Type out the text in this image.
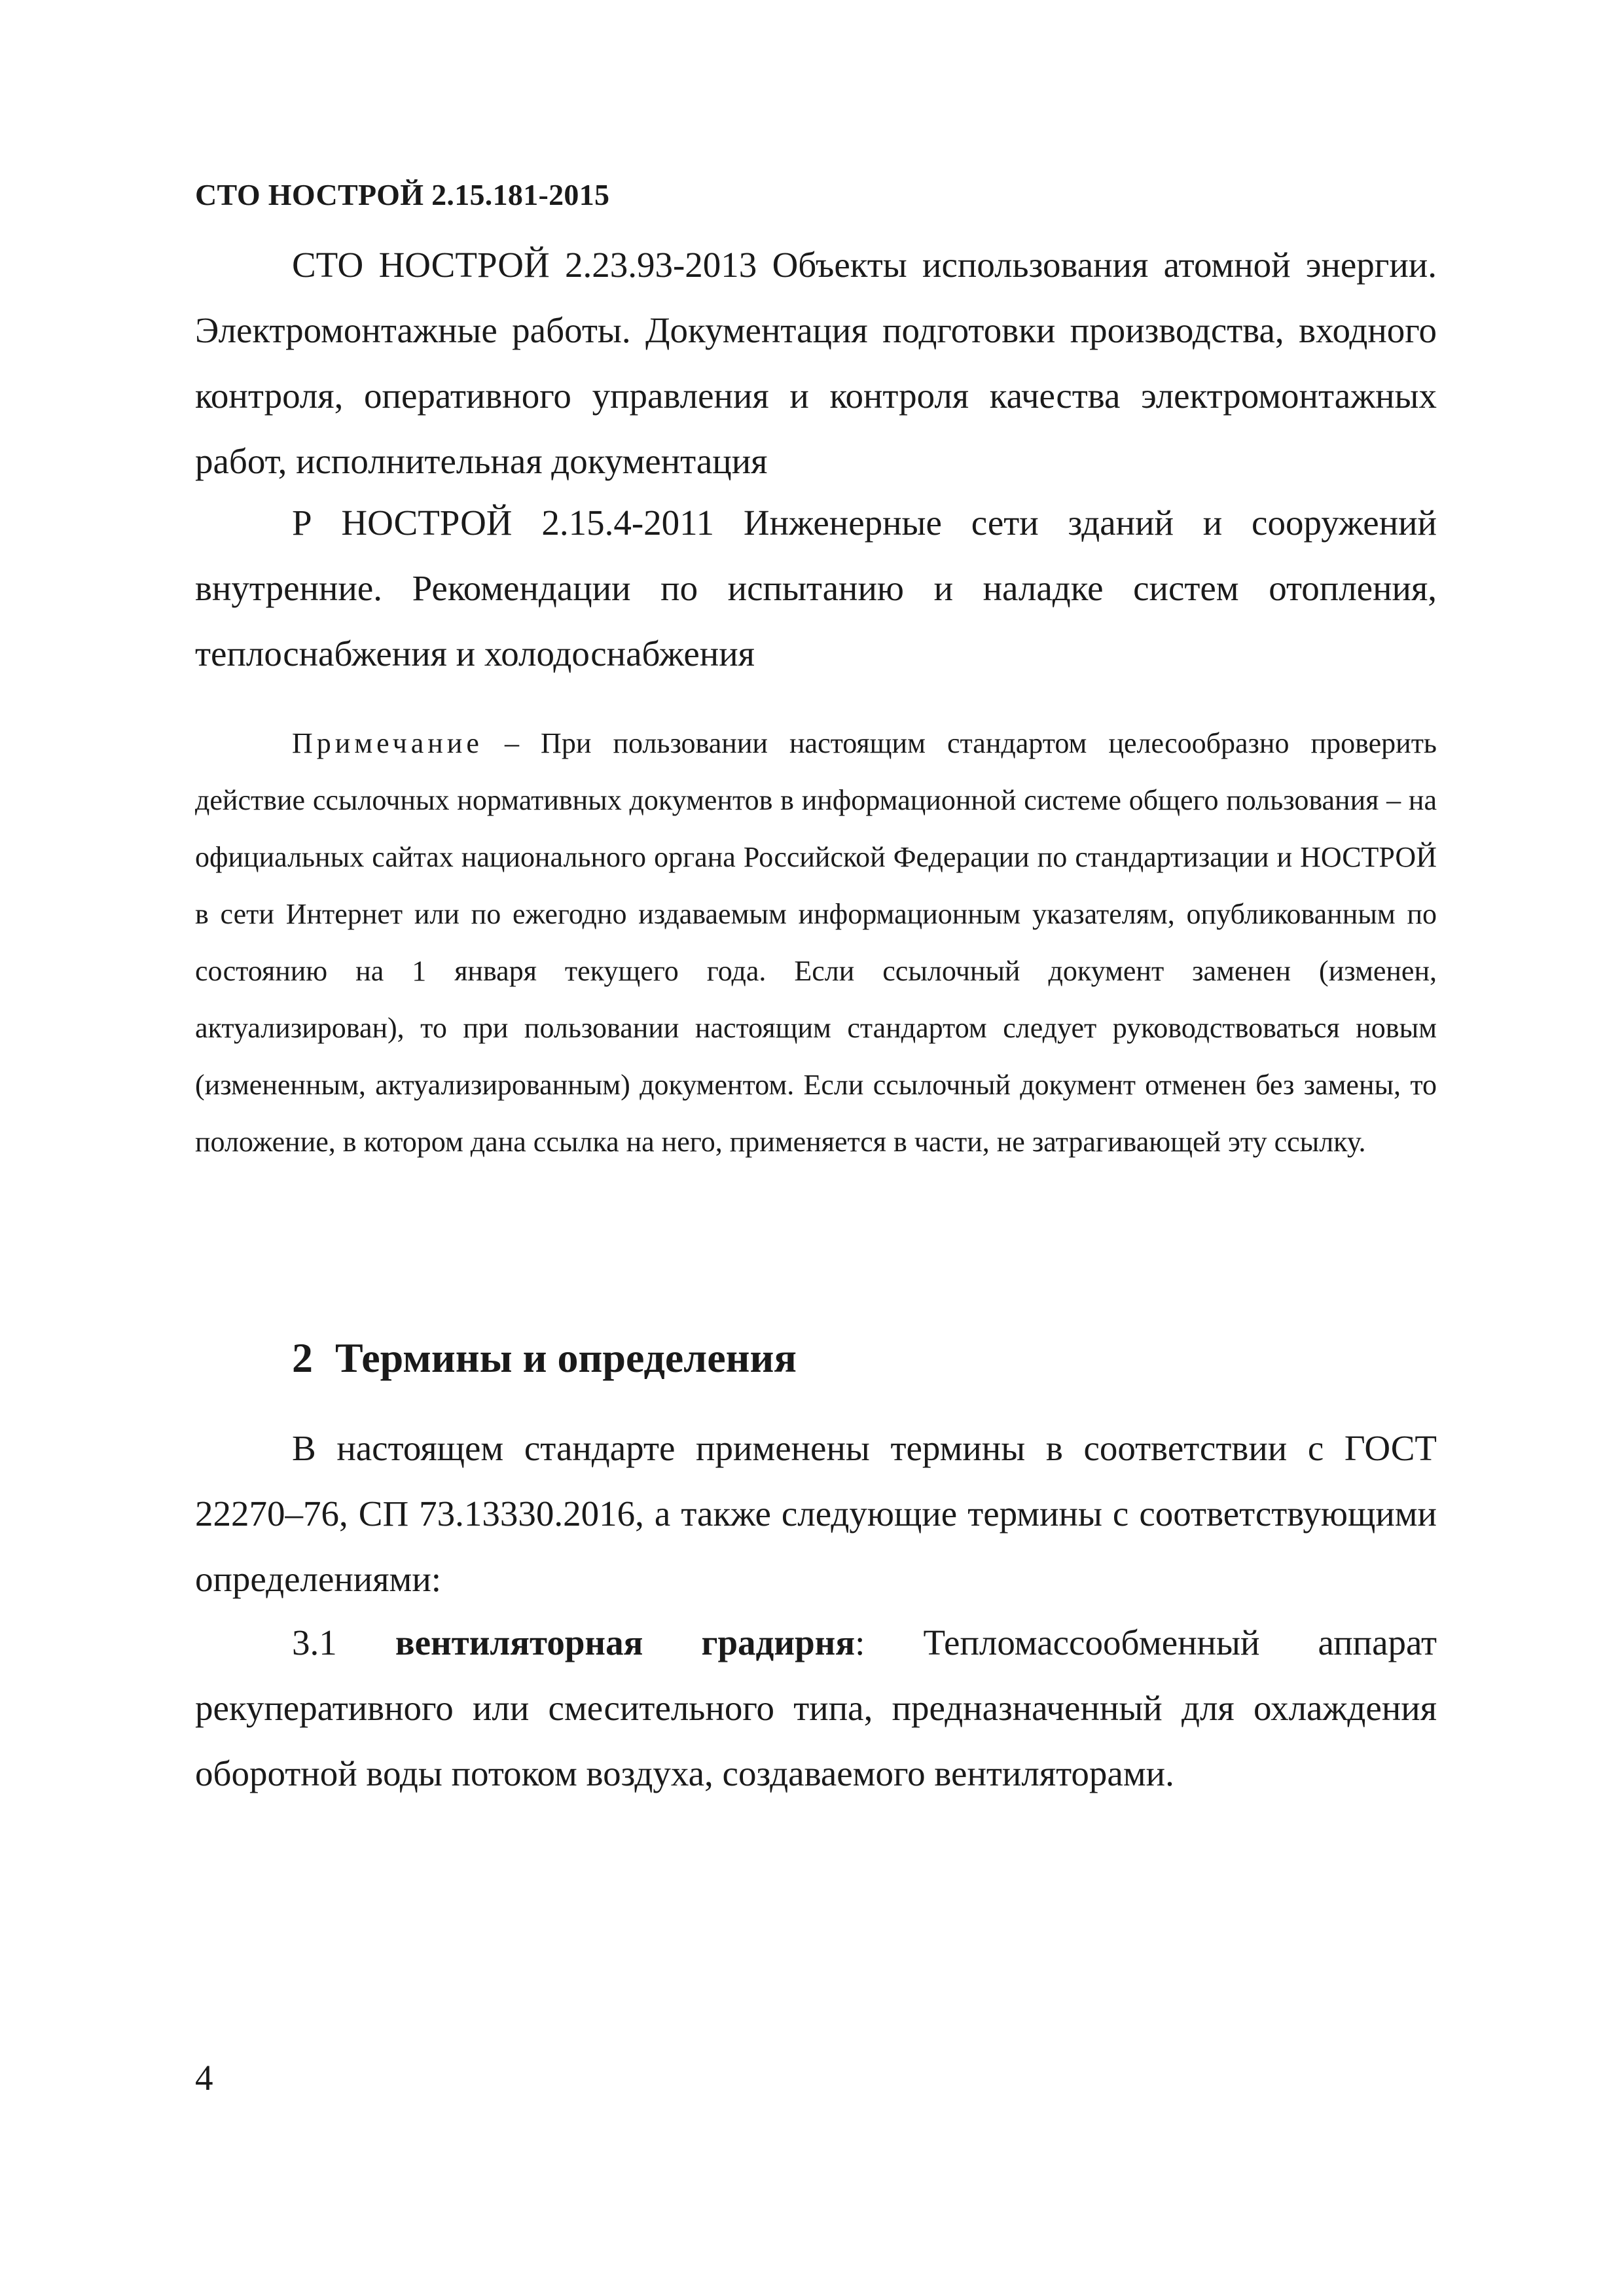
СТО НОСТРОЙ 2.15.181-2015

СТО НОСТРОЙ 2.23.93-2013 Объекты использования атомной энергии. Электромонтажные работы. Документация подготовки производства, входного контроля, оперативного управления и контроля качества электромонтажных работ, исполнительная документация

Р НОСТРОЙ 2.15.4-2011 Инженерные сети зданий и сооружений внутренние. Рекомендации по испытанию и наладке систем отопления, теплоснабжения и холодоснабжения

Примечание – При пользовании настоящим стандартом целесообразно проверить действие ссылочных нормативных документов в информационной системе общего пользования – на официальных сайтах национального органа Российской Федерации по стандартизации и НОСТРОЙ в сети Интернет или по ежегодно издаваемым информационным указателям, опубликованным по состоянию на 1 января текущего года. Если ссылочный документ заменен (изменен, актуализирован), то при пользовании настоящим стандартом следует руководствоваться новым (измененным, актуализированным) документом. Если ссылочный документ отменен без замены, то положение, в котором дана ссылка на него, применяется в части, не затрагивающей эту ссылку.

2 Термины и определения

В настоящем стандарте применены термины в соответствии с ГОСТ 22270–76, СП 73.13330.2016, а также следующие термины с соответствующими определениями:

3.1 вентиляторная градирня: Тепломассообменный аппарат рекуперативного или смесительного типа, предназначенный для охлаждения оборотной воды потоком воздуха, создаваемого вентиляторами.

4
